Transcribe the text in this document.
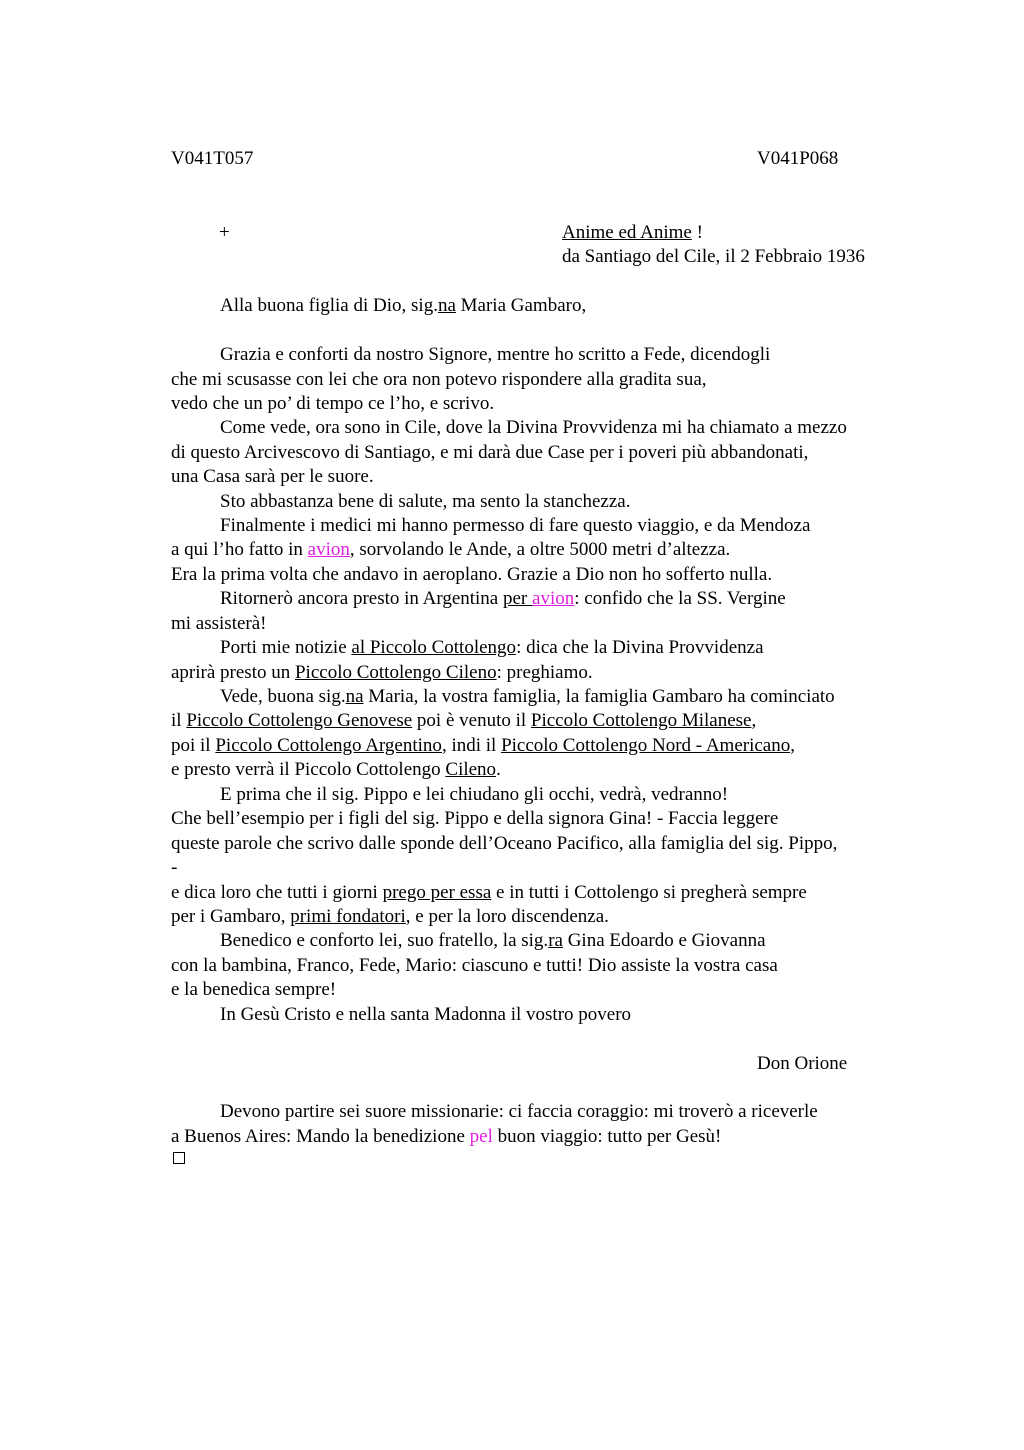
V041T057	V041P068
+	Anime ed Anime !
da Santiago del Cile, il 2 Febbraio 1936
Alla buona figlia di Dio, sig.na Maria Gambaro,
Grazia e conforti da nostro Signore, mentre ho scritto a Fede, dicendogli
che mi scusasse con lei che ora non potevo rispondere alla gradita sua,
vedo che un po’ di tempo ce l’ho, e scrivo.
Come vede, ora sono in Cile, dove la Divina Provvidenza mi ha chiamato a mezzo
di questo Arcivescovo di Santiago, e mi darà due Case per i poveri più abbandonati,
una Casa sarà per le suore.
Sto abbastanza bene di salute, ma sento la stanchezza.
Finalmente i medici mi hanno permesso di fare questo viaggio, e da Mendoza
a qui l’ho fatto in avion, sorvolando le Ande, a oltre 5000 metri d’altezza.
Era la prima volta che andavo in aeroplano. Grazie a Dio non ho sofferto nulla.
Ritornerò ancora presto in Argentina per avion: confido che la SS. Vergine
mi assisterà!
Porti mie notizie al Piccolo Cottolengo: dica che la Divina Provvidenza
aprirà presto un Piccolo Cottolengo Cileno: preghiamo.
Vede, buona sig.na Maria, la vostra famiglia, la famiglia Gambaro ha cominciato
il Piccolo Cottolengo Genovese poi è venuto il Piccolo Cottolengo Milanese,
poi il Piccolo Cottolengo Argentino, indi il Piccolo Cottolengo Nord - Americano,
e presto verrà il Piccolo Cottolengo Cileno.
E prima che il sig. Pippo e lei chiudano gli occhi, vedrà, vedranno!
Che bell’esempio per i figli del sig. Pippo e della signora Gina! - Faccia leggere
queste parole che scrivo dalle sponde dell’Oceano Pacifico, alla famiglia del sig. Pippo,
-
e dica loro che tutti i giorni prego per essa e in tutti i Cottolengo si pregherà sempre
per i Gambaro, primi fondatori, e per la loro discendenza.
Benedico e conforto lei, suo fratello, la sig.ra Gina Edoardo e Giovanna
con la bambina, Franco, Fede, Mario: ciascuno e tutti! Dio assiste la vostra casa
e la benedica sempre!
In Gesù Cristo e nella santa Madonna il vostro povero
Don Orione
Devono partire sei suore missionarie: ci faccia coraggio: mi troverò a riceverle
a Buenos Aires: Mando la benedizione pel buon viaggio: tutto per Gesù!
